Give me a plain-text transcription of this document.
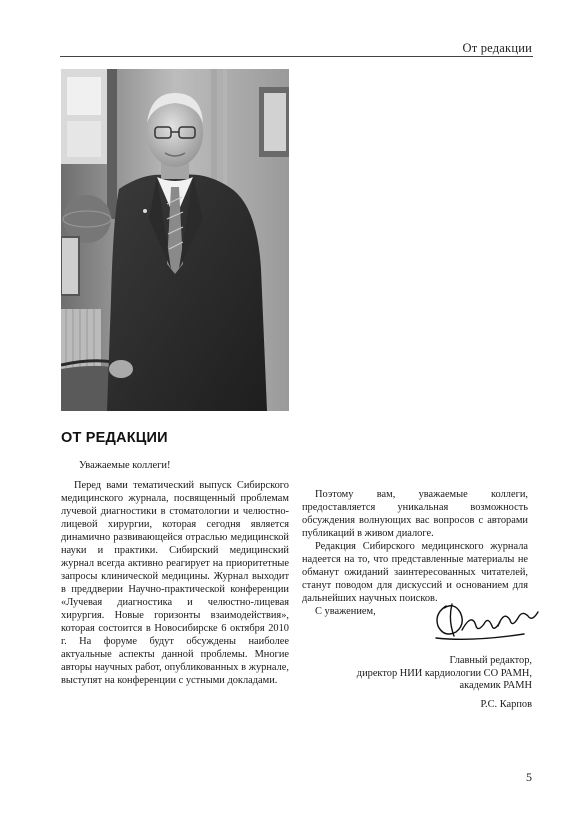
От редакции
ОТ РЕДАКЦИИ
Уважаемые коллеги!

Перед вами тематический выпуск Сибирского медицинского журнала, посвященный проблемам лучевой диагностики в стоматологии и челюстно-лицевой хирургии, которая сегодня является динамично развивающейся отраслью медицинской науки и практики. Сибирский медицинский журнал всегда активно реагирует на приоритетные запросы клинической медицины. Журнал выходит в преддверии Научно-практической конференции «Лучевая диагностика и челюстно-лицевая хирургия. Новые горизонты взаимодействия», которая состоится в Новосибирске 6 октября 2010 г. На форуме будут обсуждены наиболее актуальные аспекты данной проблемы. Многие авторы научных работ, опубликованных в журнале, выступят на конференции с устными докладами.

Поэтому вам, уважаемые коллеги, предоставляется уникальная возможность обсуждения волнующих вас вопросов с авторами публикаций в живом диалоге.

Редакция Сибирского медицинского журнала надеется на то, что представленные материалы не обманут ожиданий заинтересованных читателей, станут поводом для дискуссий и основанием для дальнейших научных поисков.

С уважением,

Главный редактор,
директор НИИ кардиологии СО РАМН,
академик РАМН
Р.С. Карпов
5
